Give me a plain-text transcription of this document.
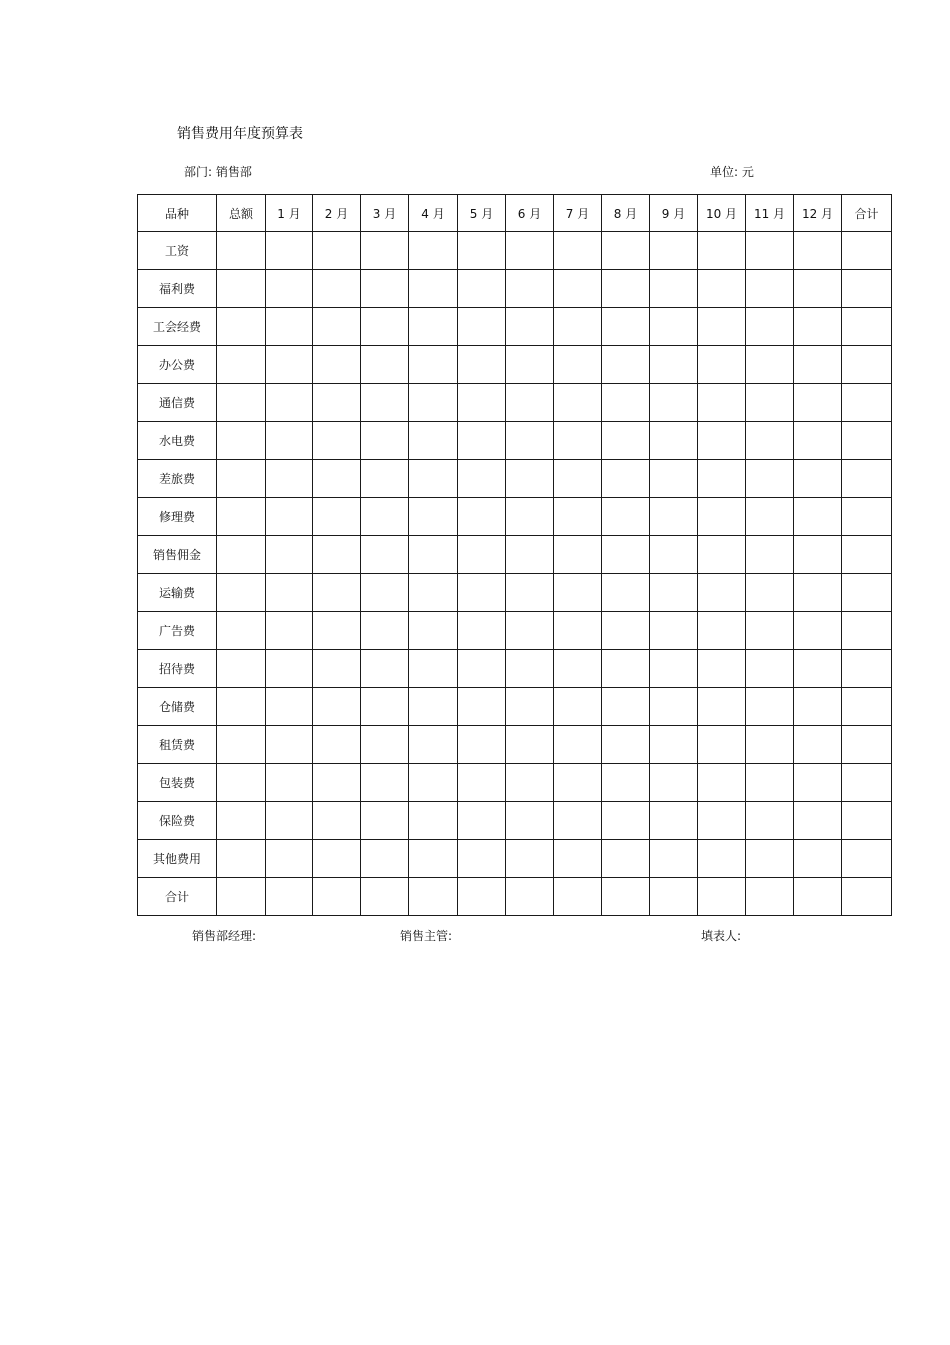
销售费用年度预算表
部门: 销售部	单位: 元
品种	总额	1 月	2 月	3 月	4 月	5 月	6 月	7 月	8 月	9 月	10 月	11 月	12 月	合计
工资														
福利费														
工会经费														
办公费														
通信费														
水电费														
差旅费														
修理费														
销售佣金														
运输费														
广告费														
招待费														
仓储费														
租赁费														
包装费														
保险费														
其他费用														
合计														
销售部经理:	销售主管:	填表人:
